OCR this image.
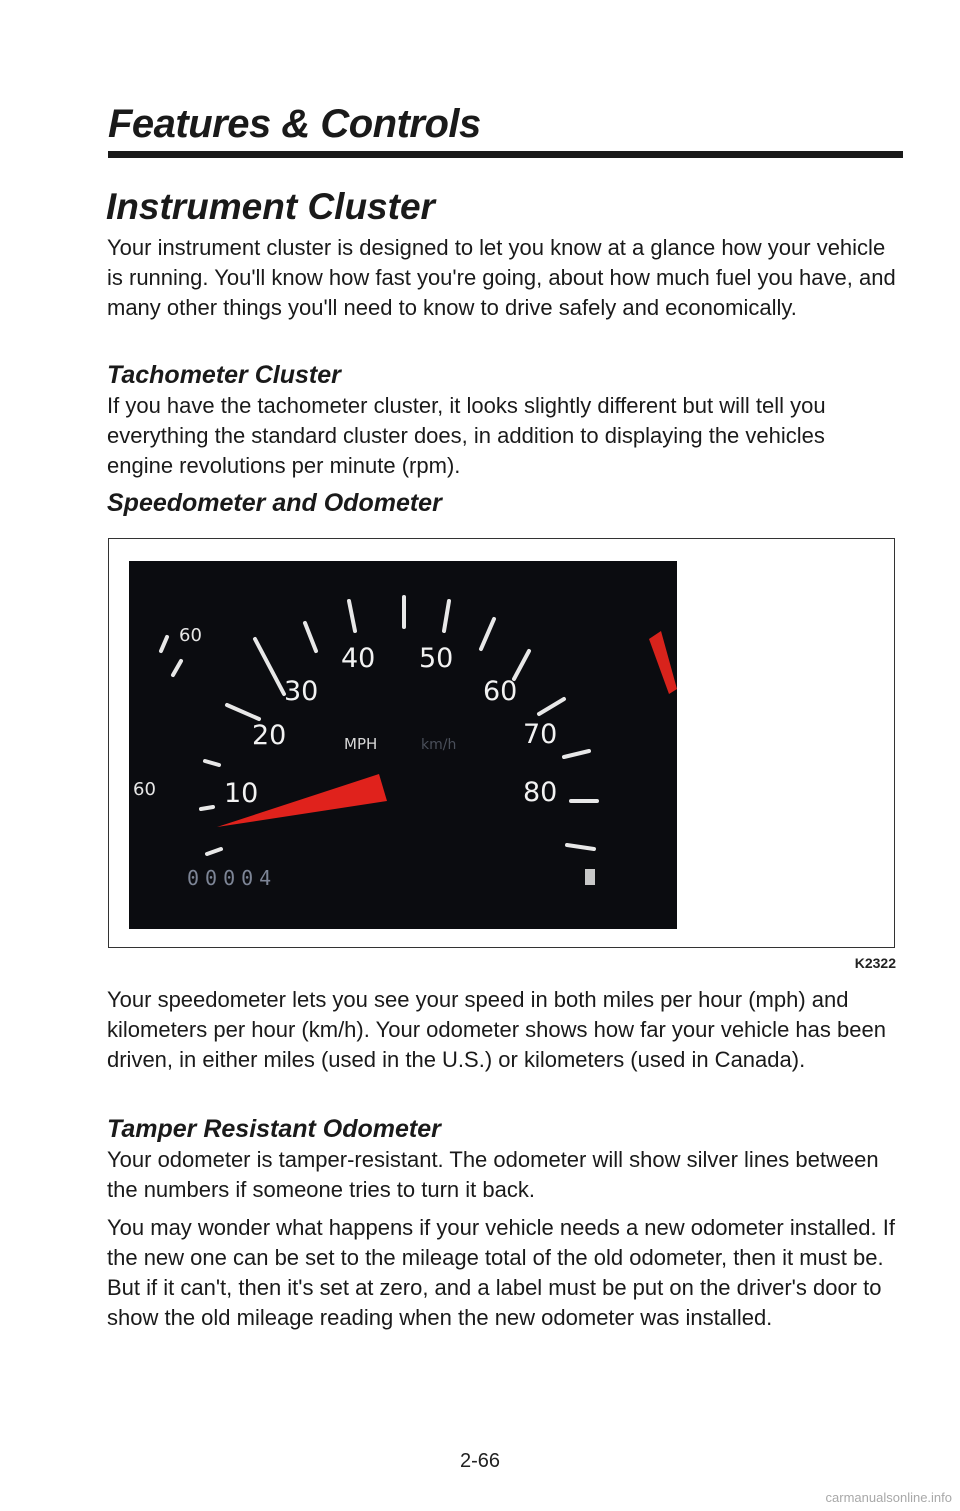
Features & Controls
Instrument Cluster

Your instrument cluster is designed to let you know at a glance how your vehicle is running. You'll know how fast you're going, about how much fuel you have, and many other things you'll need to know to drive safely and economically.

Tachometer Cluster

If you have the tachometer cluster, it looks slightly different but will tell you everything the standard cluster does, in addition to displaying the vehicles engine revolutions per minute (rpm).

Speedometer and Odometer
10
20
30
40 50
60
70
80
60
60
MPH	km/h
00004
K2322

Your speedometer lets you see your speed in both miles per hour (mph) and kilometers per hour (km/h). Your odometer shows how far your vehicle has been driven, in either miles (used in the U.S.) or kilometers (used in Canada).

Tamper Resistant Odometer

Your odometer is tamper-resistant. The odometer will show silver lines between the numbers if someone tries to turn it back.

You may wonder what happens if your vehicle needs a new odometer installed. If the new one can be set to the mileage total of the old odometer, then it must be. But if it can't, then it's set at zero, and a label must be put on the driver's door to show the old mileage reading when the new odometer was installed.

2-66
carmanualsonline.info
